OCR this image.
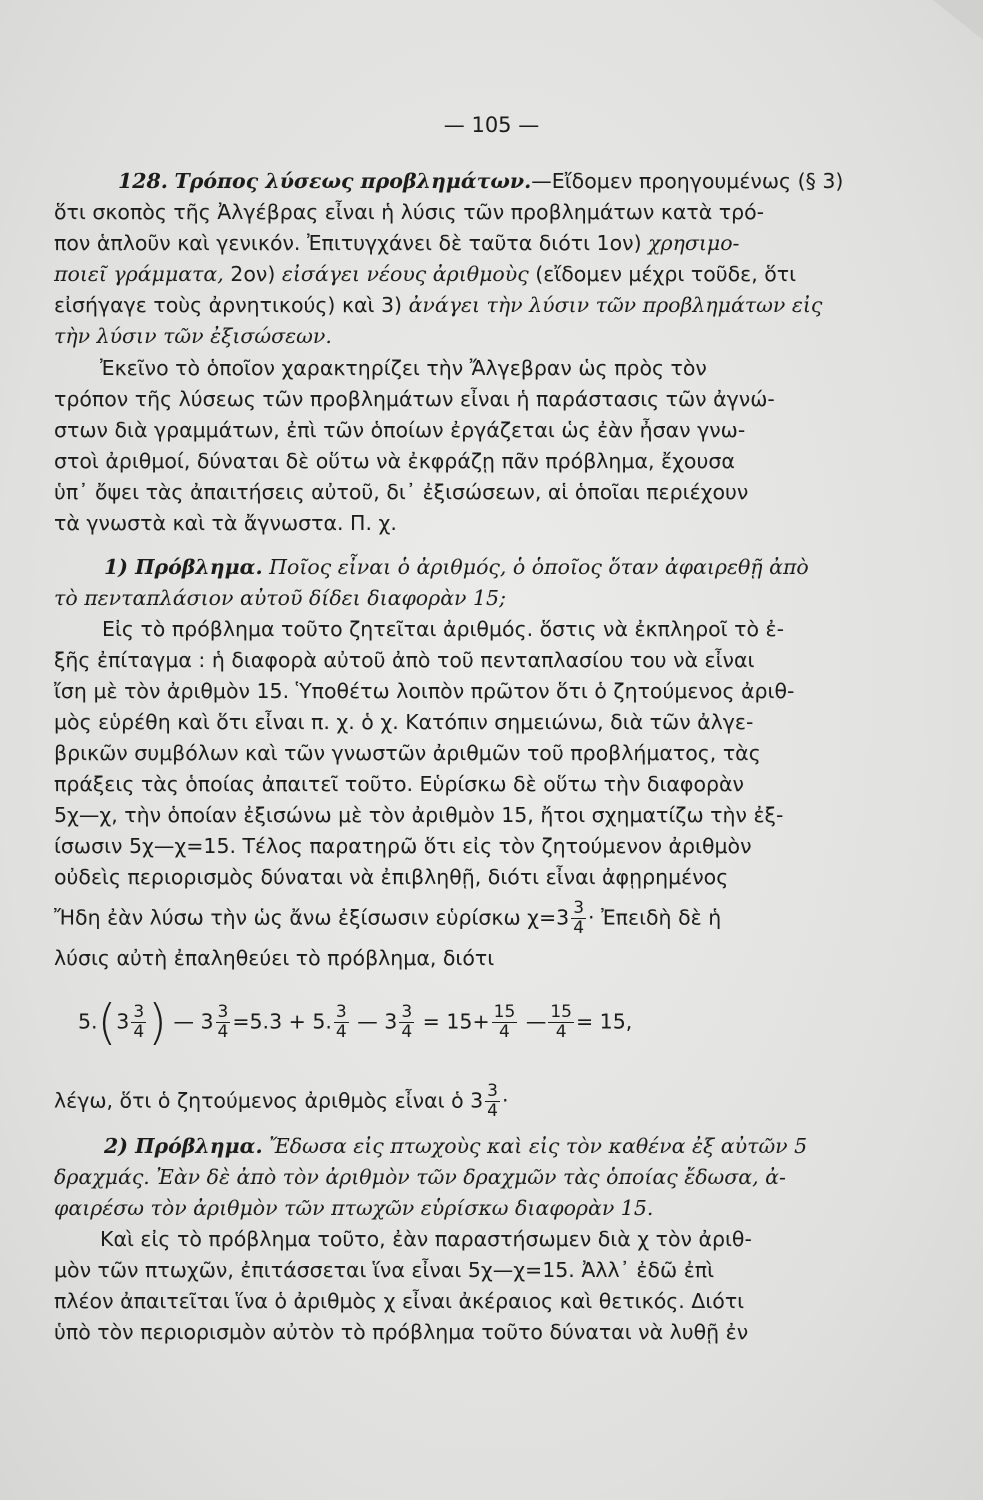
— 105 —

128. Τρόπος λύσεως προβλημάτων.—Εἴδομεν προηγουμένως (§ 3)

ὅτι σκοπὸς τῆς Ἀλγέβρας εἶναι ἡ λύσις τῶν προβλημάτων κατὰ τρό-

πον ἁπλοῦν καὶ γενικόν. Ἐπιτυγχάνει δὲ ταῦτα διότι 1ον) χρησιμο-

ποιεῖ γράμματα, 2ον) εἰσάγει νέους ἀριθμοὺς (εἴδομεν μέχρι τοῦδε, ὅτι

εἰσήγαγε τοὺς ἀρνητικούς) καὶ 3) ἀνάγει τὴν λύσιν τῶν προβλημάτων εἰς

τὴν λύσιν τῶν ἐξισώσεων.

Ἐκεῖνο τὸ ὁποῖον χαρακτηρίζει τὴν Ἄλγεβραν ὡς πρὸς τὸν

τρόπον τῆς λύσεως τῶν προβλημάτων εἶναι ἡ παράστασις τῶν ἀγνώ-

στων διὰ γραμμάτων, ἐπὶ τῶν ὁποίων ἐργάζεται ὡς ἐὰν ἦσαν γνω-

στοὶ ἀριθμοί, δύναται δὲ οὕτω νὰ ἐκφράζῃ πᾶν πρόβλημα, ἔχουσα

ὑπ᾽ ὄψει τὰς ἀπαιτήσεις αὐτοῦ, δι᾽ ἐξισώσεων, αἱ ὁποῖαι περιέχουν

τὰ γνωστὰ καὶ τὰ ἄγνωστα. Π. χ.

1) Πρόβλημα. Ποῖος εἶναι ὁ ἀριθμός, ὁ ὁποῖος ὅταν ἀφαιρεθῇ ἀπὸ

τὸ πενταπλάσιον αὐτοῦ δίδει διαφορὰν 15;

Εἰς τὸ πρόβλημα τοῦτο ζητεῖται ἀριθμός. ὅστις νὰ ἐκπληροῖ τὸ ἐ-

ξῆς ἐπίταγμα : ἡ διαφορὰ αὐτοῦ ἀπὸ τοῦ πενταπλασίου του νὰ εἶναι

ἴση μὲ τὸν ἀριθμὸν 15. Ὑποθέτω λοιπὸν πρῶτον ὅτι ὁ ζητούμενος ἀριθ-

μὸς εὑρέθη καὶ ὅτι εἶναι π. χ. ὁ χ. Κατόπιν σημειώνω, διὰ τῶν ἀλγε-

βρικῶν συμβόλων καὶ τῶν γνωστῶν ἀριθμῶν τοῦ προβλήματος, τὰς

πράξεις τὰς ὁποίας ἀπαιτεῖ τοῦτο. Εὑρίσκω δὲ οὕτω τὴν διαφορὰν

5χ—χ, τὴν ὁποίαν ἐξισώνω μὲ τὸν ἀριθμὸν 15, ἤτοι σχηματίζω τὴν ἐξ-

ίσωσιν 5χ—χ=15. Τέλος παρατηρῶ ὅτι εἰς τὸν ζητούμενον ἀριθμὸν

οὐδεὶς περιορισμὸς δύναται νὰ ἐπιβληθῇ, διότι εἶναι ἀφῃρημένος

Ἤδη ἐὰν λύσω τὴν ὡς ἄνω ἐξίσωσιν εὑρίσκω $\chi=3 \frac{3}{4}$ · Ἐπειδὴ δὲ ἡ

λύσις αὐτὴ ἐπαληθεύει τὸ πρόβλημα, διότι

$5.(3 \frac{3}{4}$ ) — $3 \frac{3}{4} =5.3 + 5$. $\frac{3}{4}$ — $3 \frac{3}{4} = 15+ \frac{15}{4}$ — $\frac{15}{4} = 15$,

λέγω, ὅτι ὁ ζητούμενος ἀριθμὸς εἶναι ὁ $3 \frac{3}{4}$ ·

2) Πρόβλημα. Ἔδωσα εἰς πτωχοὺς καὶ εἰς τὸν καθένα ἐξ αὐτῶν 5

δραχμάς. Ἐὰν δὲ ἀπὸ τὸν ἀριθμὸν τῶν δραχμῶν τὰς ὁποίας ἔδωσα, ἀ-

φαιρέσω τὸν ἀριθμὸν τῶν πτωχῶν εὑρίσκω διαφορὰν 15.

Καὶ εἰς τὸ πρόβλημα τοῦτο, ἐὰν παραστήσωμεν διὰ χ τὸν ἀριθ-

μὸν τῶν πτωχῶν, ἐπιτάσσεται ἵνα εἶναι 5χ—χ=15. Ἀλλ᾽ ἐδῶ ἐπὶ

πλέον ἀπαιτεῖται ἵνα ὁ ἀριθμὸς χ εἶναι ἀκέραιος καὶ θετικός. Διότι

ὑπὸ τὸν περιορισμὸν αὐτὸν τὸ πρόβλημα τοῦτο δύναται νὰ λυθῇ ἐν
